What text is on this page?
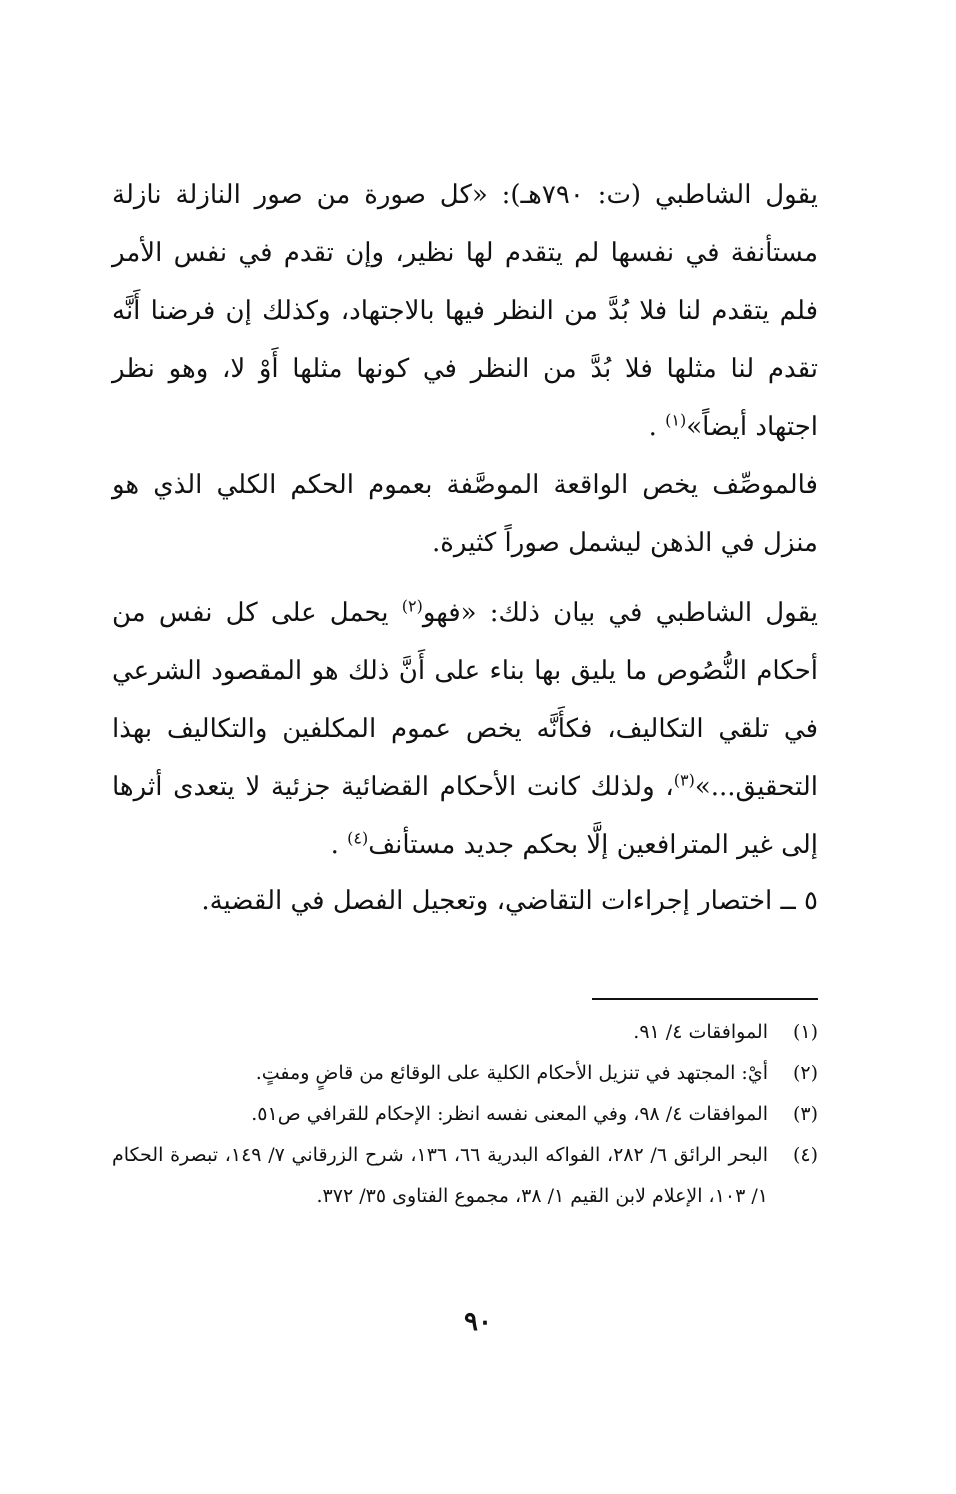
يقول الشاطبي (ت: ٧٩٠هـ): «كل صورة من صور النازلة نازلة مستأنفة في نفسها لم يتقدم لها نظير، وإن تقدم في نفس الأمر فلم يتقدم لنا فلا بُدَّ من النظر فيها بالاجتهاد، وكذلك إن فرضنا أَنَّه تقدم لنا مثلها فلا بُدَّ من النظر في كونها مثلها أَوْ لا، وهو نظر اجتهاد أيضاً»$^{(١)}$ .

فالموصِّف يخص الواقعة الموصَّفة بعموم الحكم الكلي الذي هو منزل في الذهن ليشمل صوراً كثيرة.

يقول الشاطبي في بيان ذلك: «فهو$^{(٢)}$ يحمل على كل نفس من أحكام النُّصُوص ما يليق بها بناء على أَنَّ ذلك هو المقصود الشرعي في تلقي التكاليف، فكأَنَّه يخص عموم المكلفين والتكاليف بهذا التحقيق...»$^{(٣)}$، ولذلك كانت الأحكام القضائية جزئية لا يتعدى أثرها إلى غير المترافعين إلَّا بحكم جديد مستأنف$^{(٤)}$ .

٥ ــ اختصار إجراءات التقاضي، وتعجيل الفصل في القضية.

(١)
الموافقات ٤/ ٩١.
(٢)
أيْ: المجتهد في تنزيل الأحكام الكلية على الوقائع من قاضٍ ومفتٍ.
(٣)
الموافقات ٤/ ٩٨، وفي المعنى نفسه انظر: الإحكام للقرافي ص٥١.
(٤)
البحر الرائق ٦/ ٢٨٢، الفواكه البدرية ٦٦، ١٣٦، شرح الزرقاني ٧/ ١٤٩، تبصرة الحكام ١/ ١٠٣، الإعلام لابن القيم ١/ ٣٨، مجموع الفتاوى ٣٥/ ٣٧٢.
٩٠
